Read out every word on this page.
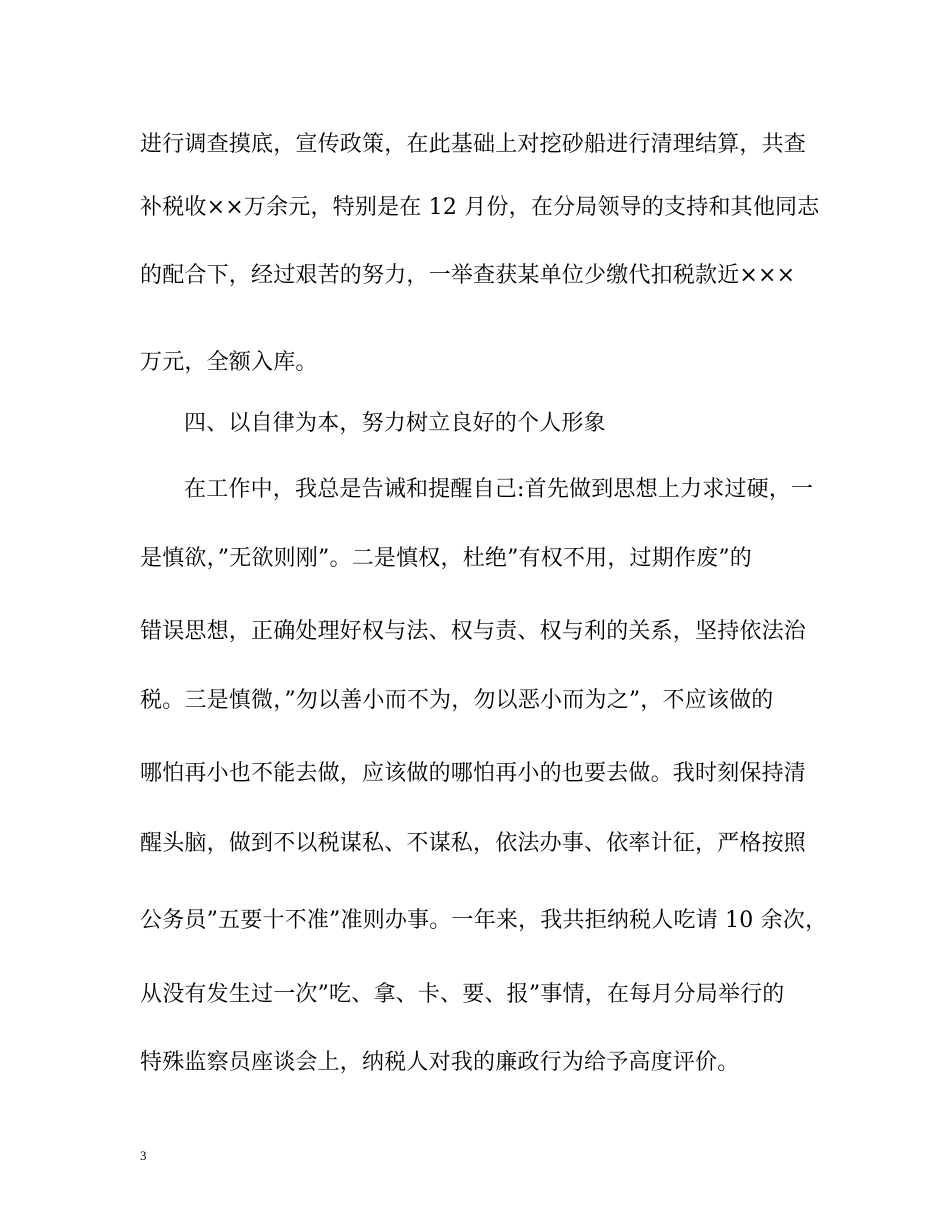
进行调查摸底，宣传政策，在此基础上对挖砂船进行清理结算，共查
补税收××万余元，特别是在 12 月份，在分局领导的支持和其他同志
的配合下，经过艰苦的努力，一举查获某单位少缴代扣税款近×××
万元，全额入库。
四、以自律为本，努力树立良好的个人形象
在工作中，我总是告诫和提醒自己:首先做到思想上力求过硬，一
是慎欲，”无欲则刚”。二是慎权，杜绝”有权不用，过期作废”的
错误思想，正确处理好权与法、权与责、权与利的关系，坚持依法治
税。三是慎微，”勿以善小而不为，勿以恶小而为之”，不应该做的
哪怕再小也不能去做，应该做的哪怕再小的也要去做。我时刻保持清
醒头脑，做到不以税谋私、不谋私，依法办事、依率计征，严格按照
公务员”五要十不准”准则办事。一年来，我共拒纳税人吃请 10 余次，
从没有发生过一次”吃、拿、卡、要、报”事情，在每月分局举行的
特殊监察员座谈会上，纳税人对我的廉政行为给予高度评价。
3
